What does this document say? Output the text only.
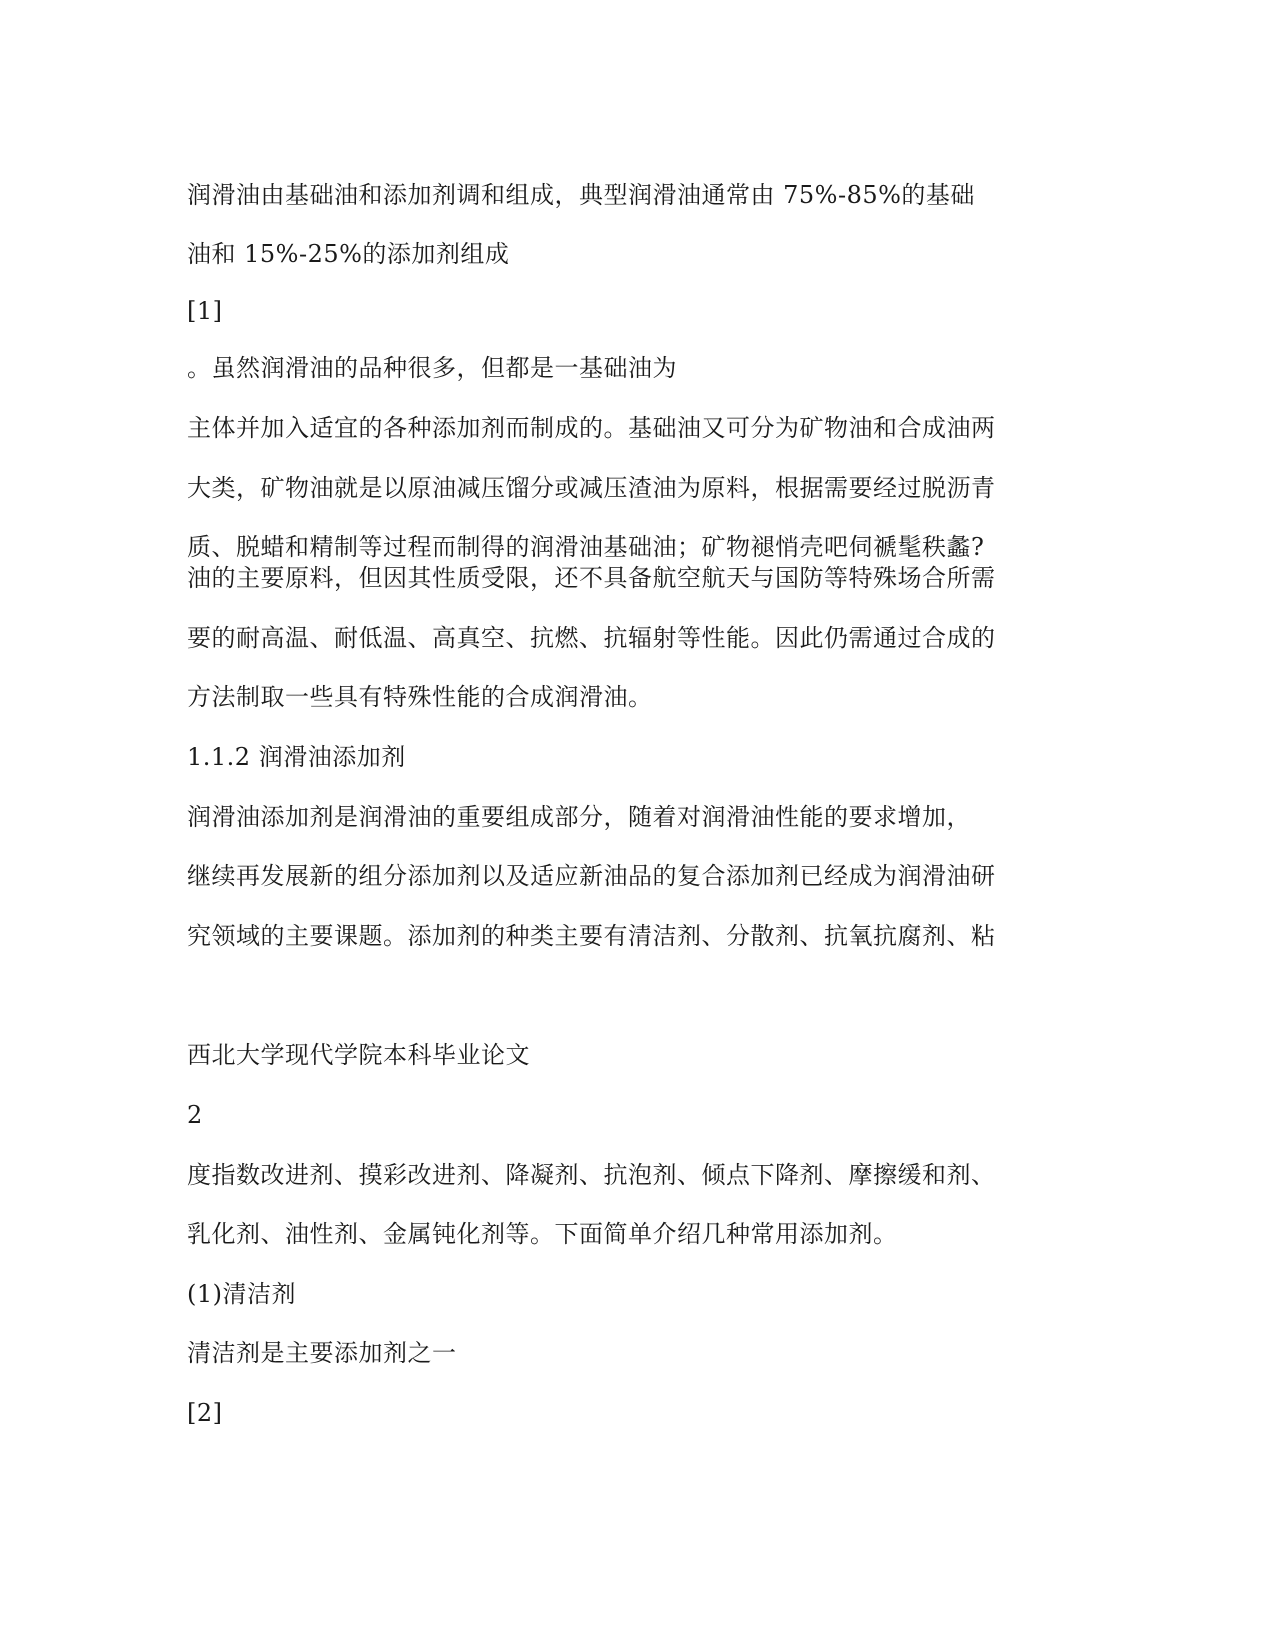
润滑油由基础油和添加剂调和组成，典型润滑油通常由 75%-85%的基础
油和 15%-25%的添加剂组成
[1]
。虽然润滑油的品种很多，但都是一基础油为
主体并加入适宜的各种添加剂而制成的。基础油又可分为矿物油和合成油两
大类，矿物油就是以原油减压馏分或减压渣油为原料，根据需要经过脱沥青
质、脱蜡和精制等过程而制得的润滑油基础油；矿物褪悄壳吧伺禠髦秩蠡?
油的主要原料，但因其性质受限，还不具备航空航天与国防等特殊场合所需
要的耐高温、耐低温、高真空、抗燃、抗辐射等性能。因此仍需通过合成的
方法制取一些具有特殊性能的合成润滑油。
1.1.2 润滑油添加剂
润滑油添加剂是润滑油的重要组成部分，随着对润滑油性能的要求增加，
继续再发展新的组分添加剂以及适应新油品的复合添加剂已经成为润滑油研
究领域的主要课题。添加剂的种类主要有清洁剂、分散剂、抗氧抗腐剂、粘
西北大学现代学院本科毕业论文
2
度指数改进剂、摸彩改进剂、降凝剂、抗泡剂、倾点下降剂、摩擦缓和剂、
乳化剂、油性剂、金属钝化剂等。下面简单介绍几种常用添加剂。
(1)清洁剂
清洁剂是主要添加剂之一
[2]
